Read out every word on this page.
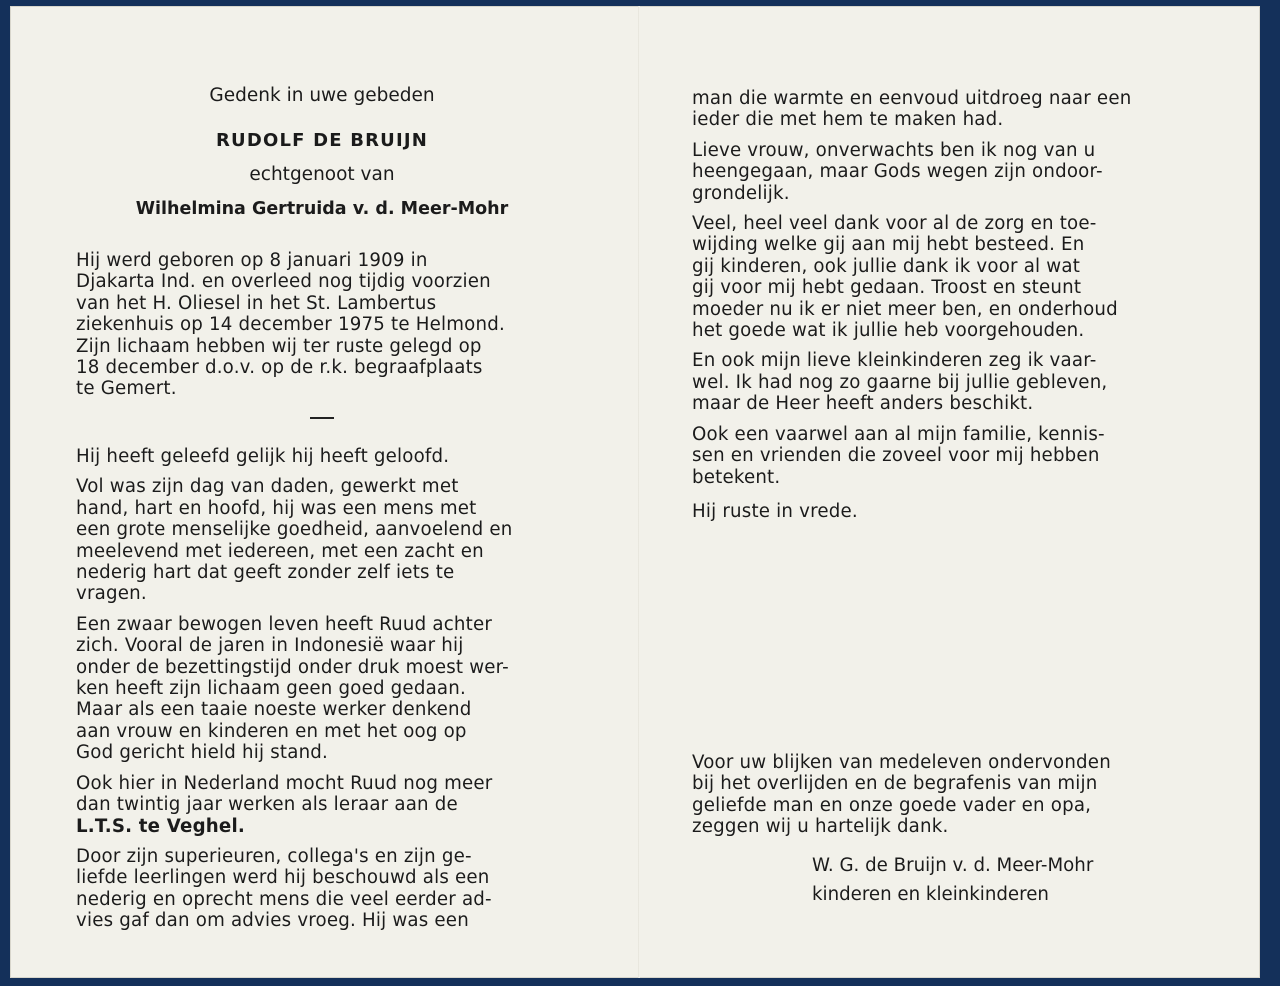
Gedenk in uwe gebeden
RUDOLF DE BRUIJN
echtgenoot van
Wilhelmina Gertruida v. d. Meer-Mohr

Hij werd geboren op 8 januari 1909 in

Djakarta Ind. en overleed nog tijdig voorzien

van het H. Oliesel in het St. Lambertus

ziekenhuis op 14 december 1975 te Helmond.

Zijn lichaam hebben wij ter ruste gelegd op

18 december d.o.v. op de r.k. begraafplaats

te Gemert.

Hij heeft geleefd gelijk hij heeft geloofd.

Vol was zijn dag van daden, gewerkt met

hand, hart en hoofd, hij was een mens met

een grote menselijke goedheid, aanvoelend en

meelevend met iedereen, met een zacht en

nederig hart dat geeft zonder zelf iets te

vragen.

Een zwaar bewogen leven heeft Ruud achter

zich. Vooral de jaren in Indonesië waar hij

onder de bezettingstijd onder druk moest wer-

ken heeft zijn lichaam geen goed gedaan.

Maar als een taaie noeste werker denkend

aan vrouw en kinderen en met het oog op

God gericht hield hij stand.

Ook hier in Nederland mocht Ruud nog meer

dan twintig jaar werken als leraar aan de

L.T.S. te Veghel.

Door zijn superieuren, collega's en zijn ge-

liefde leerlingen werd hij beschouwd als een

nederig en oprecht mens die veel eerder ad-

vies gaf dan om advies vroeg. Hij was een

man die warmte en eenvoud uitdroeg naar een

ieder die met hem te maken had.

Lieve vrouw, onverwachts ben ik nog van u

heengegaan, maar Gods wegen zijn ondoor-

grondelijk.

Veel, heel veel dank voor al de zorg en toe-

wijding welke gij aan mij hebt besteed. En

gij kinderen, ook jullie dank ik voor al wat

gij voor mij hebt gedaan. Troost en steunt

moeder nu ik er niet meer ben, en onderhoud

het goede wat ik jullie heb voorgehouden.

En ook mijn lieve kleinkinderen zeg ik vaar-

wel. Ik had nog zo gaarne bij jullie gebleven,

maar de Heer heeft anders beschikt.

Ook een vaarwel aan al mijn familie, kennis-

sen en vrienden die zoveel voor mij hebben

betekent.

Hij ruste in vrede.

Voor uw blijken van medeleven ondervonden

bij het overlijden en de begrafenis van mijn

geliefde man en onze goede vader en opa,

zeggen wij u hartelijk dank.

W. G. de Bruijn v. d. Meer-Mohr
kinderen en kleinkinderen
